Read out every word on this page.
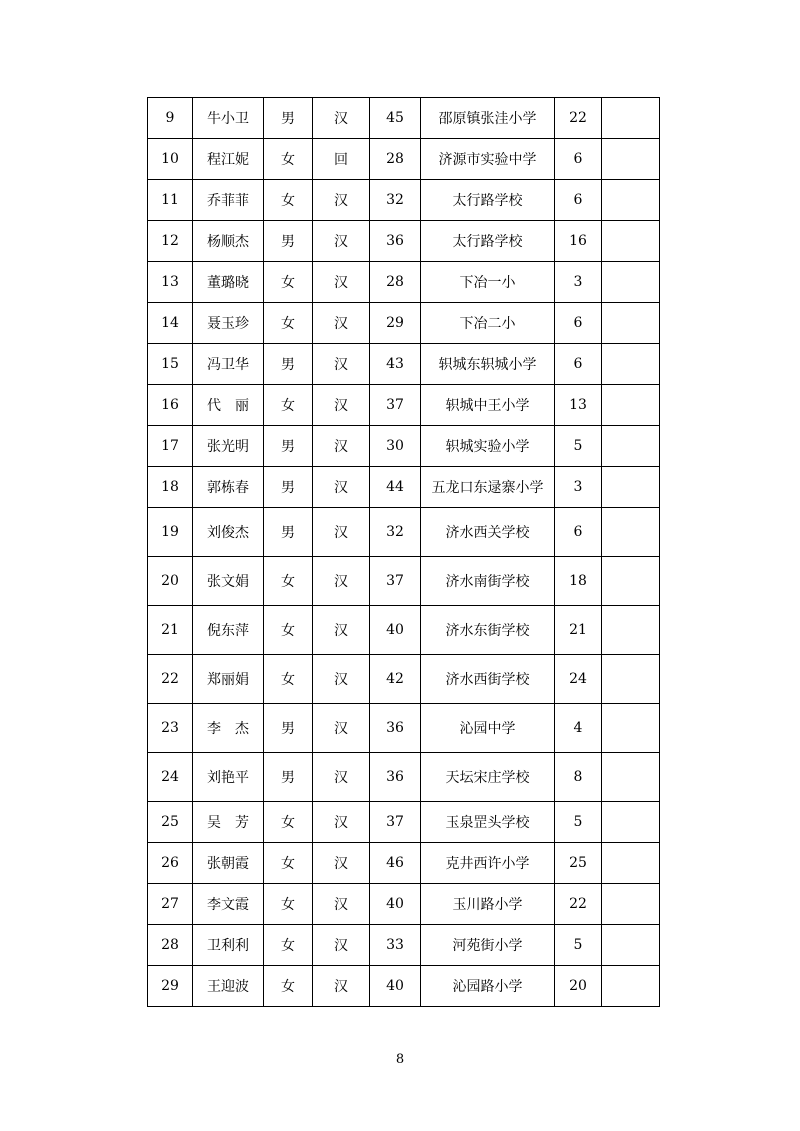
9	牛小卫	男	汉	45	邵原镇张洼小学	22	
10	程江妮	女	回	28	济源市实验中学	6	
11	乔菲菲	女	汉	32	太行路学校	6	
12	杨顺杰	男	汉	36	太行路学校	16	
13	董璐晓	女	汉	28	下冶一小	3	
14	聂玉珍	女	汉	29	下冶二小	6	
15	冯卫华	男	汉	43	轵城东轵城小学	6	
16	代　丽	女	汉	37	轵城中王小学	13	
17	张光明	男	汉	30	轵城实验小学	5	
18	郭栋春	男	汉	44	五龙口东逯寨小学	3	
19	刘俊杰	男	汉	32	济水西关学校	6	
20	张文娟	女	汉	37	济水南街学校	18	
21	倪东萍	女	汉	40	济水东街学校	21	
22	郑丽娟	女	汉	42	济水西街学校	24	
23	李　杰	男	汉	36	沁园中学	4	
24	刘艳平	男	汉	36	天坛宋庄学校	8	
25	吴　芳	女	汉	37	玉泉罡头学校	5	
26	张朝霞	女	汉	46	克井西许小学	25	
27	李文霞	女	汉	40	玉川路小学	22	
28	卫利利	女	汉	33	河苑街小学	5	
29	王迎波	女	汉	40	沁园路小学	20	
8
